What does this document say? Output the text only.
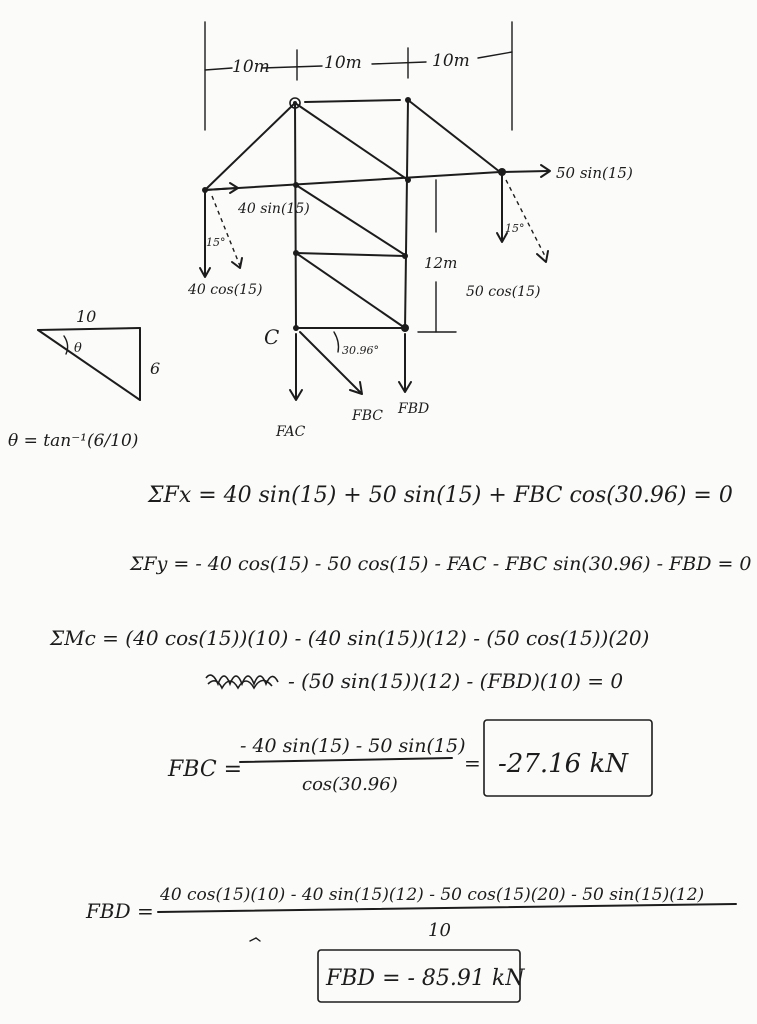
10m	10m	10m
40 sin(15)
15°
40 cos(15)
50 sin(15)
15°
50 cos(15)
12m
C
30.96°
FAC
FBC FBD
10
6
θ
θ = tan⁻¹(6/10)
ΣFx = 40 sin(15) + 50 sin(15) + FBC cos(30.96) = 0
ΣFy = - 40 cos(15) - 50 cos(15) - FAC - FBC sin(30.96) - FBD = 0
ΣMc = (40 cos(15))(10) - (40 sin(15))(12) - (50 cos(15))(20)
- (50 sin(15))(12) - (FBD)(10) = 0
FBC =
- 40 sin(15) - 50 sin(15)
cos(30.96)
= -27.16 kN
FBD =
40 cos(15)(10) - 40 sin(15)(12) - 50 cos(15)(20) - 50 sin(15)(12)
10
FBD = - 85.91 kN
